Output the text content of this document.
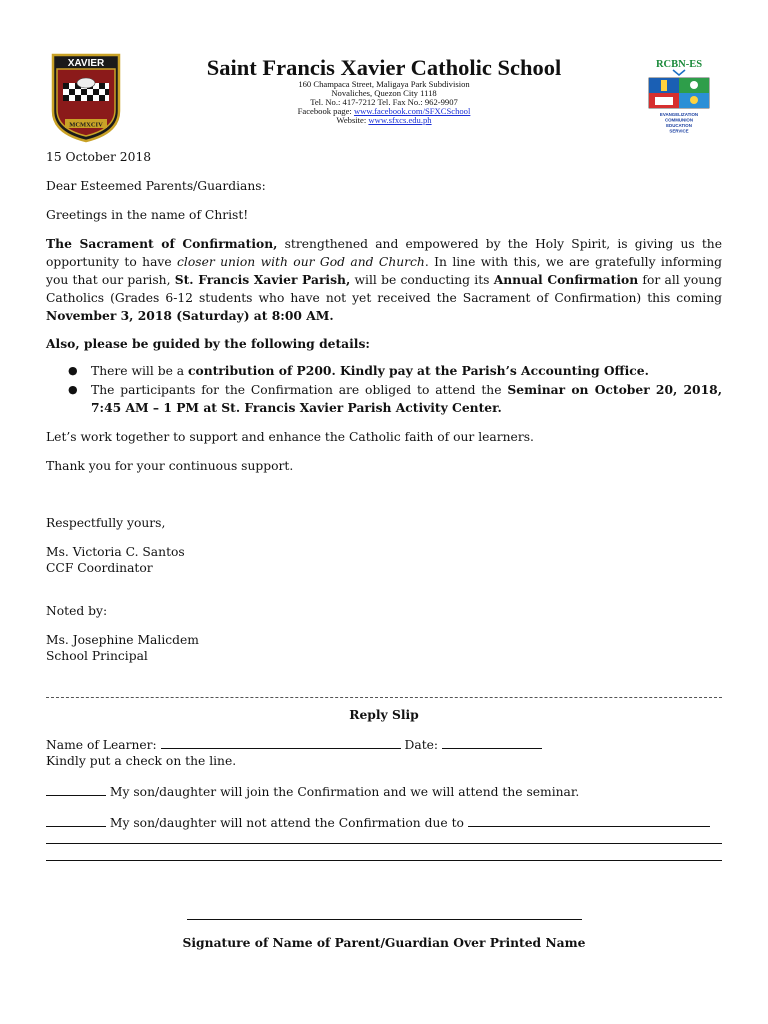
XAVIER
MCMXCIV
Saint Francis Xavier Catholic School
160 Champaca Street, Maligaya Park Subdivision
Novaliches, Quezon City 1118
Tel. No.: 417-7212 Tel. Fax No.: 962-9907
Facebook page: www.facebook.com/SFXCSchool
Website: www.sfxcs.edu.ph
RCBN-ES
EVANGELIZATION
COMMUNION
EDUCATION
SERVICE
15 October 2018
Dear Esteemed Parents/Guardians:
Greetings in the name of Christ!
The Sacrament of Confirmation, strengthened and empowered by the Holy Spirit, is giving us the
opportunity to have closer union with our God and Church. In line with this, we are gratefully informing
you that our parish, St. Francis Xavier Parish, will be conducting its Annual Confirmation for all young
Catholics (Grades 6-12 students who have not yet received the Sacrament of Confirmation) this coming
November 3, 2018 (Saturday) at 8:00 AM.
Also, please be guided by the following details:
● There will be a contribution of P200. Kindly pay at the Parish’s Accounting Office.
● The participants for the Confirmation are obliged to attend the Seminar on October 20, 2018,
7:45 AM – 1 PM at St. Francis Xavier Parish Activity Center.
Let’s work together to support and enhance the Catholic faith of our learners.
Thank you for your continuous support.
Respectfully yours,
Ms. Victoria C. Santos
CCF Coordinator
Noted by:
Ms. Josephine Malicdem
School Principal
Reply Slip
Name of Learner:	Date:
Kindly put a check on the line.
My son/daughter will join the Confirmation and we will attend the seminar.
My son/daughter will not attend the Confirmation due to
Signature of Name of Parent/Guardian Over Printed Name
